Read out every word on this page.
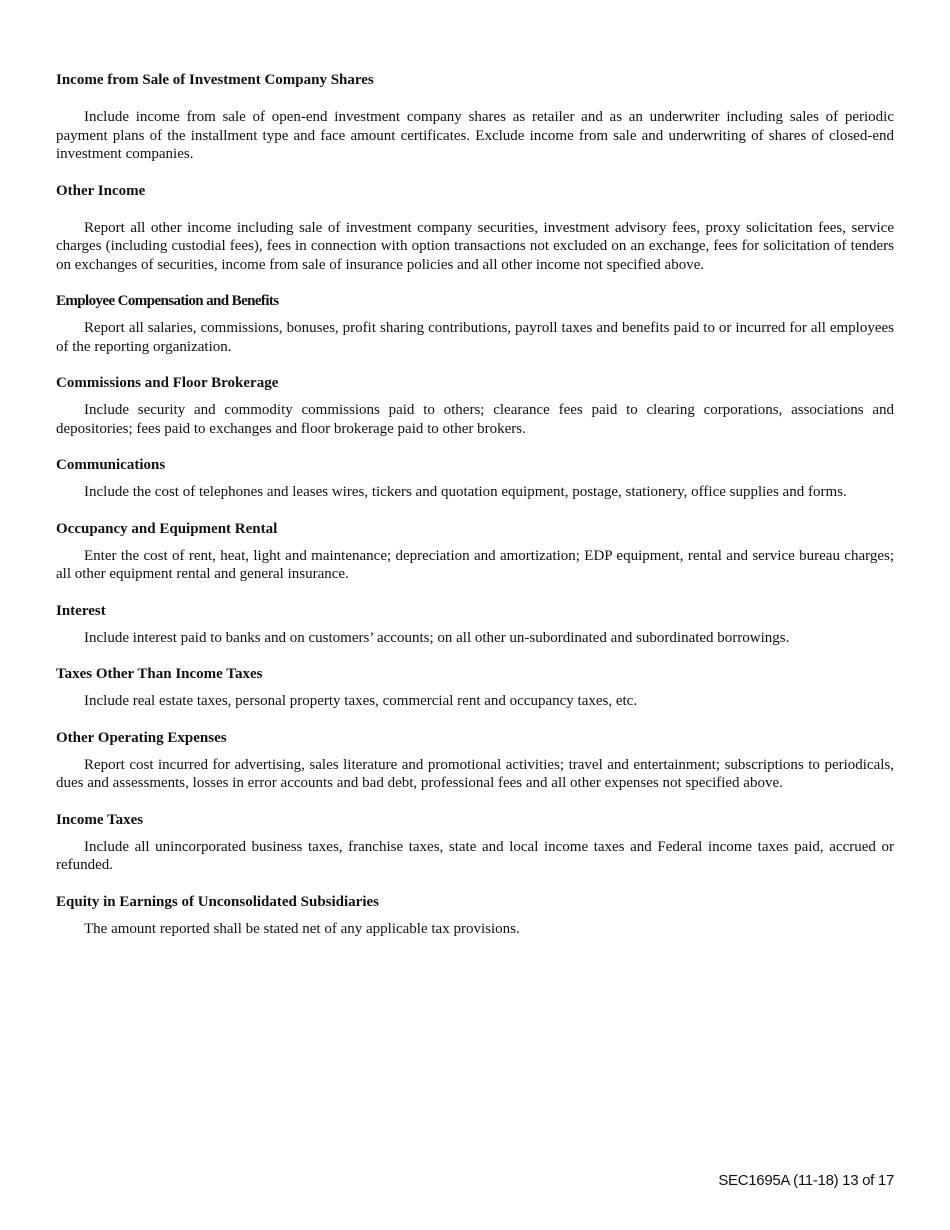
Income from Sale of Investment Company Shares

Include income from sale of open-end investment company shares as retailer and as an underwriter including sales of periodic payment plans of the installment type and face amount certificates. Exclude income from sale and underwriting of shares of closed-end investment companies.

Other Income

Report all other income including sale of investment company securities, investment advisory fees, proxy solicitation fees, service charges (including custodial fees), fees in connection with option transactions not excluded on an exchange, fees for solicitation of tenders on exchanges of securities, income from sale of insurance policies and all other income not specified above.

Employee Compensation and Benefits

Report all salaries, commissions, bonuses, profit sharing contributions, payroll taxes and benefits paid to or incurred for all employees of the reporting organization.

Commissions and Floor Brokerage

Include security and commodity commissions paid to others; clearance fees paid to clearing corporations, associations and depositories; fees paid to exchanges and floor brokerage paid to other brokers.

Communications

Include the cost of telephones and leases wires, tickers and quotation equipment, postage, stationery, office supplies and forms.

Occupancy and Equipment Rental

Enter the cost of rent, heat, light and maintenance; depreciation and amortization; EDP equipment, rental and service bureau charges; all other equipment rental and general insurance.

Interest

Include interest paid to banks and on customers’ accounts; on all other un-subordinated and subordinated borrowings.

Taxes Other Than Income Taxes

Include real estate taxes, personal property taxes, commercial rent and occupancy taxes, etc.

Other Operating Expenses

Report cost incurred for advertising, sales literature and promotional activities; travel and entertainment; subscriptions to periodicals, dues and assessments, losses in error accounts and bad debt, professional fees and all other expenses not specified above.

Income Taxes

Include all unincorporated business taxes, franchise taxes, state and local income taxes and Federal income taxes paid, accrued or refunded.

Equity in Earnings of Unconsolidated Subsidiaries

The amount reported shall be stated net of any applicable tax provisions.

SEC1695A (11-18) 13 of 17
